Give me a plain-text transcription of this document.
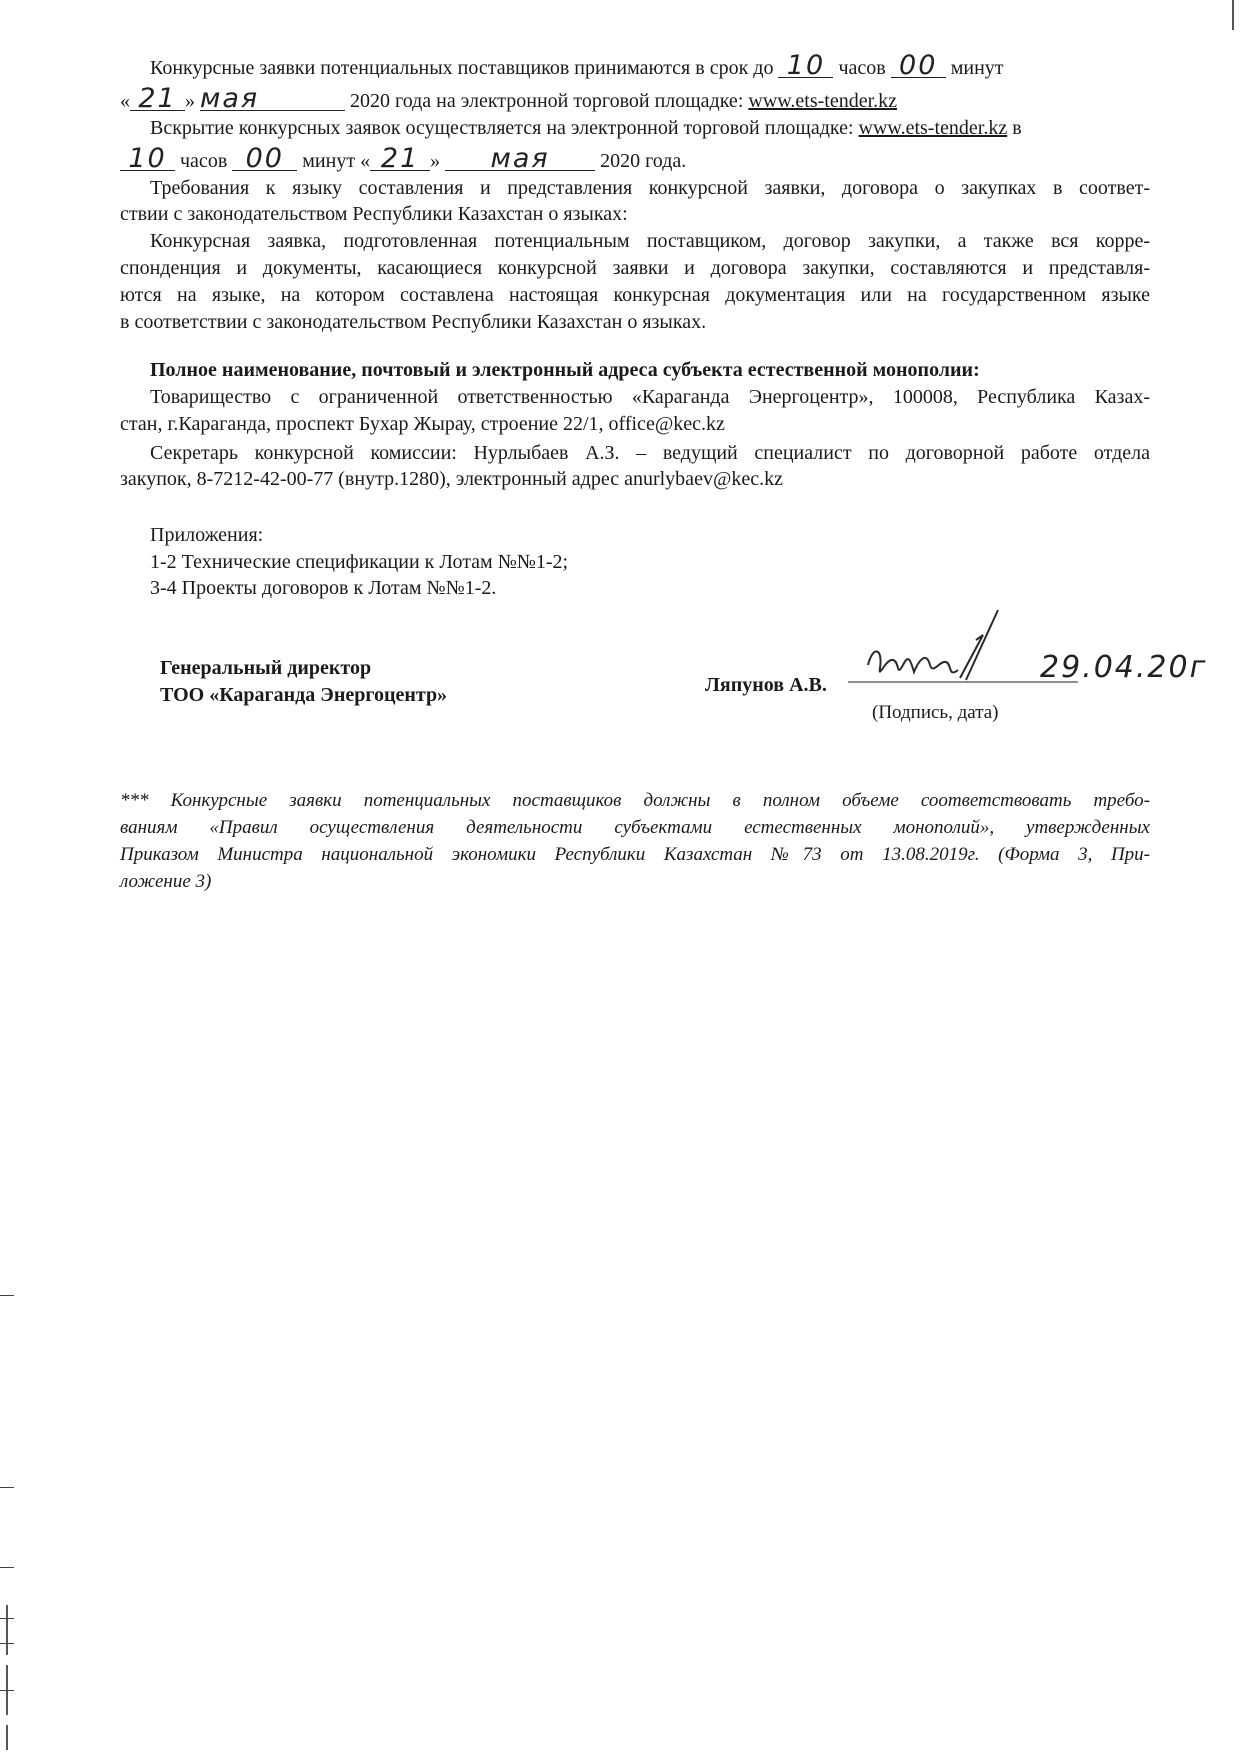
Конкурсные заявки потенциальных поставщиков принимаются в срок до 10 часов 00 минут
« 21 » мая	2020 года на электронной торговой площадке: www.ets-tender.kz
Вскрытие конкурсных заявок осуществляется на электронной торговой площадке: www.ets-tender.kz в
10 часов 00 минут « 21 » мая	2020 года.
Требования к языку составления и представления конкурсной заявки, договора о закупках в соответ-
ствии с законодательством Республики Казахстан о языках:
Конкурсная заявка, подготовленная потенциальным поставщиком, договор закупки, а также вся корре-
спонденция и документы, касающиеся конкурсной заявки и договора закупки, составляются и представля-
ются на языке, на котором составлена настоящая конкурсная документация или на государственном языке
в соответствии с законодательством Республики Казахстан о языках.
Полное наименование, почтовый и электронный адреса субъекта естественной монополии:
Товарищество с ограниченной ответственностью «Караганда Энергоцентр», 100008, Республика Казах-
стан, г.Караганда, проспект Бухар Жырау, строение 22/1, office@kec.kz
Секретарь конкурсной комиссии: Нурлыбаев А.З. – ведущий специалист по договорной работе отдела
закупок, 8-7212-42-00-77 (внутр.1280), электронный адрес anurlybaev@kec.kz
Приложения:
1-2 Технические спецификации к Лотам №№1-2;
3-4 Проекты договоров к Лотам №№1-2.
Генеральный директор
ТОО «Караганда Энергоцентр»	Ляпунов А.В.	29.04.20г
(Подпись, дата)
*** Конкурсные заявки потенциальных поставщиков должны в полном объеме соответствовать требо-
ваниям «Правил осуществления деятельности субъектами естественных монополий», утвержденных
Приказом Министра национальной экономики Республики Казахстан №73 от 13.08.2019г. (Форма 3, При-
ложение 3)
